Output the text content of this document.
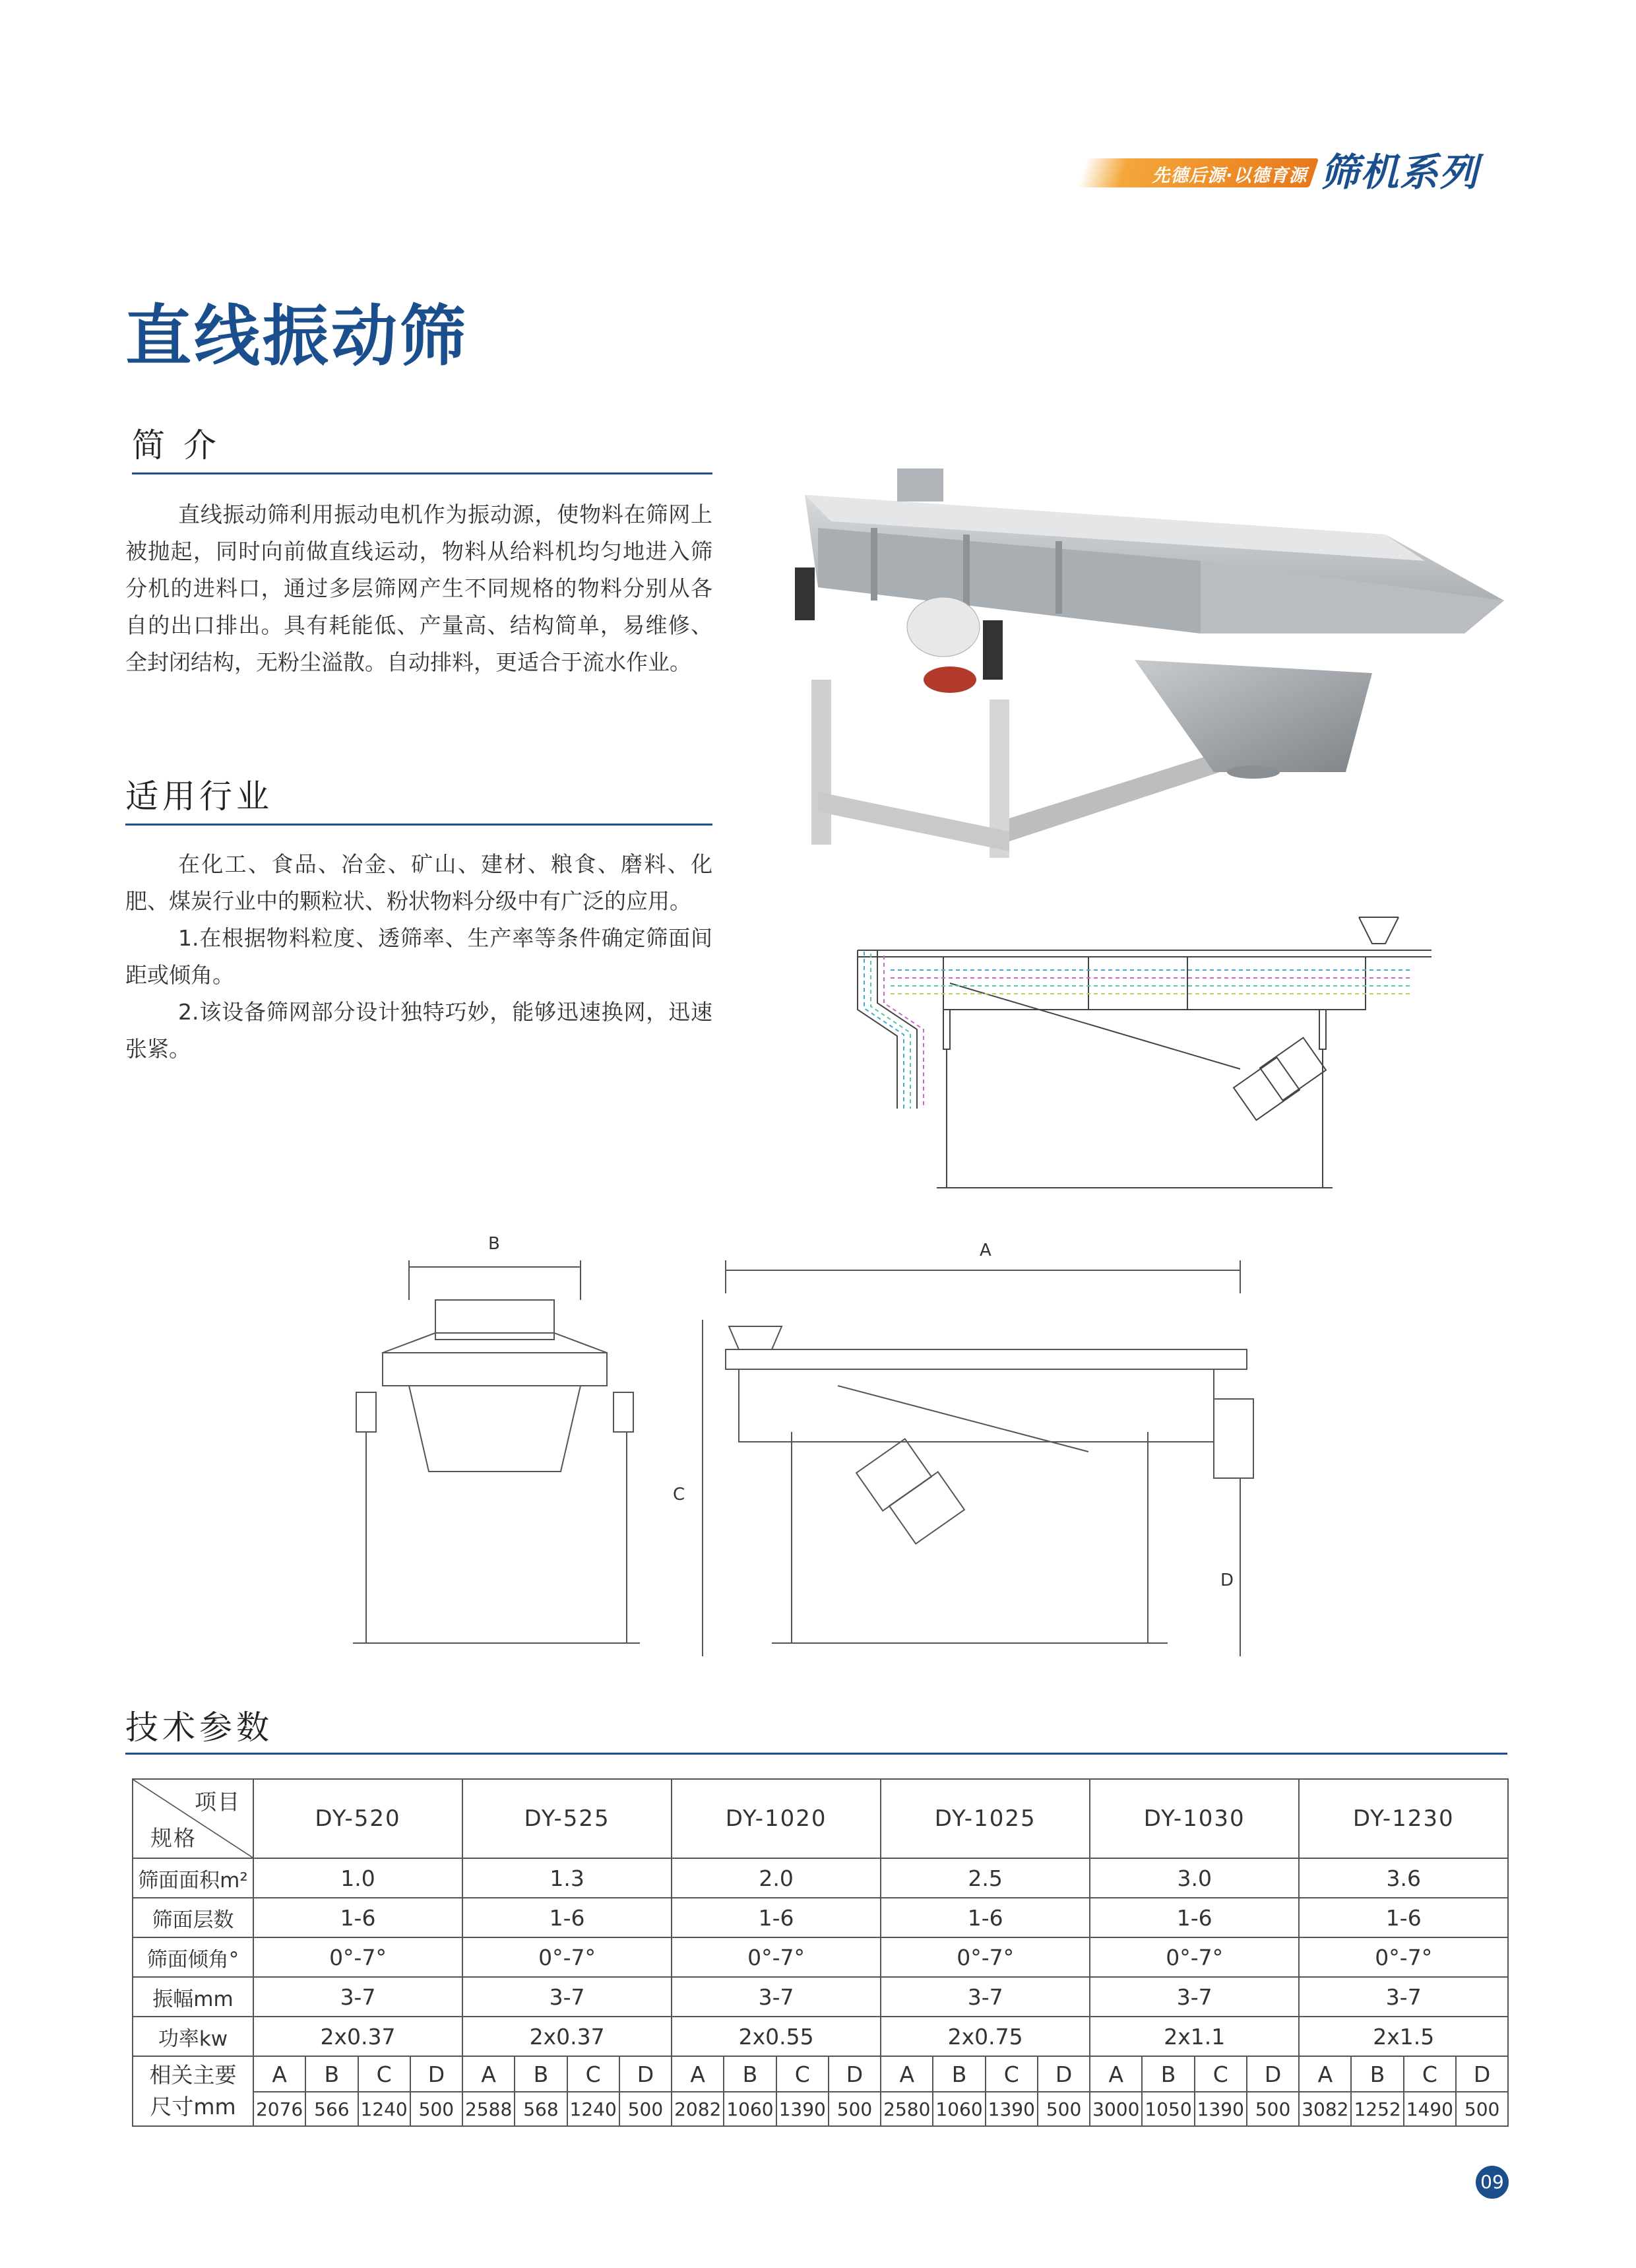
先德后源·以德育源 筛机系列
直线振动筛
简 介

直线振动筛利用振动电机作为振动源，使物料在筛网上被抛起，同时向前做直线运动，物料从给料机均匀地进入筛分机的进料口，通过多层筛网产生不同规格的物料分别从各自的出口排出。具有耗能低、产量高、结构简单，易维修、全封闭结构，无粉尘溢散。自动排料，更适合于流水作业。

适用行业

在化工、食品、冶金、矿山、建材、粮食、磨料、化肥、煤炭行业中的颗粒状、粉状物料分级中有广泛的应用。

1.在根据物料粒度、透筛率、生产率等条件确定筛面间距或倾角。

2.该设备筛网部分设计独特巧妙，能够迅速换网，迅速张紧。

B	A
C
D
技术参数
项目
规格	DY-520				DY-525				DY-1020				DY-1025				DY-1030				DY-1230			
筛面面积m²	1.0				1.3				2.0				2.5				3.0				3.6			
筛面层数	1-6				1-6				1-6				1-6				1-6				1-6			
筛面倾角°	0°-7°				0°-7°				0°-7°				0°-7°				0°-7°				0°-7°			
振幅mm	3-7				3-7				3-7				3-7				3-7				3-7			
功率kw	2x0.37				2x0.37				2x0.55				2x0.75				2x1.1				2x1.5			

相关主要
尺寸mm	A	B	C	D	A	B	C	D	A	B	C	D	A	B	C	D	A	B	C	D	A	B	C	D
	2076	566	1240	500	2588	568	1240	500	2082	1060	1390	500	2580	1060	1390	500	3000	1050	1390	500	3082	1252	1490	500
09
